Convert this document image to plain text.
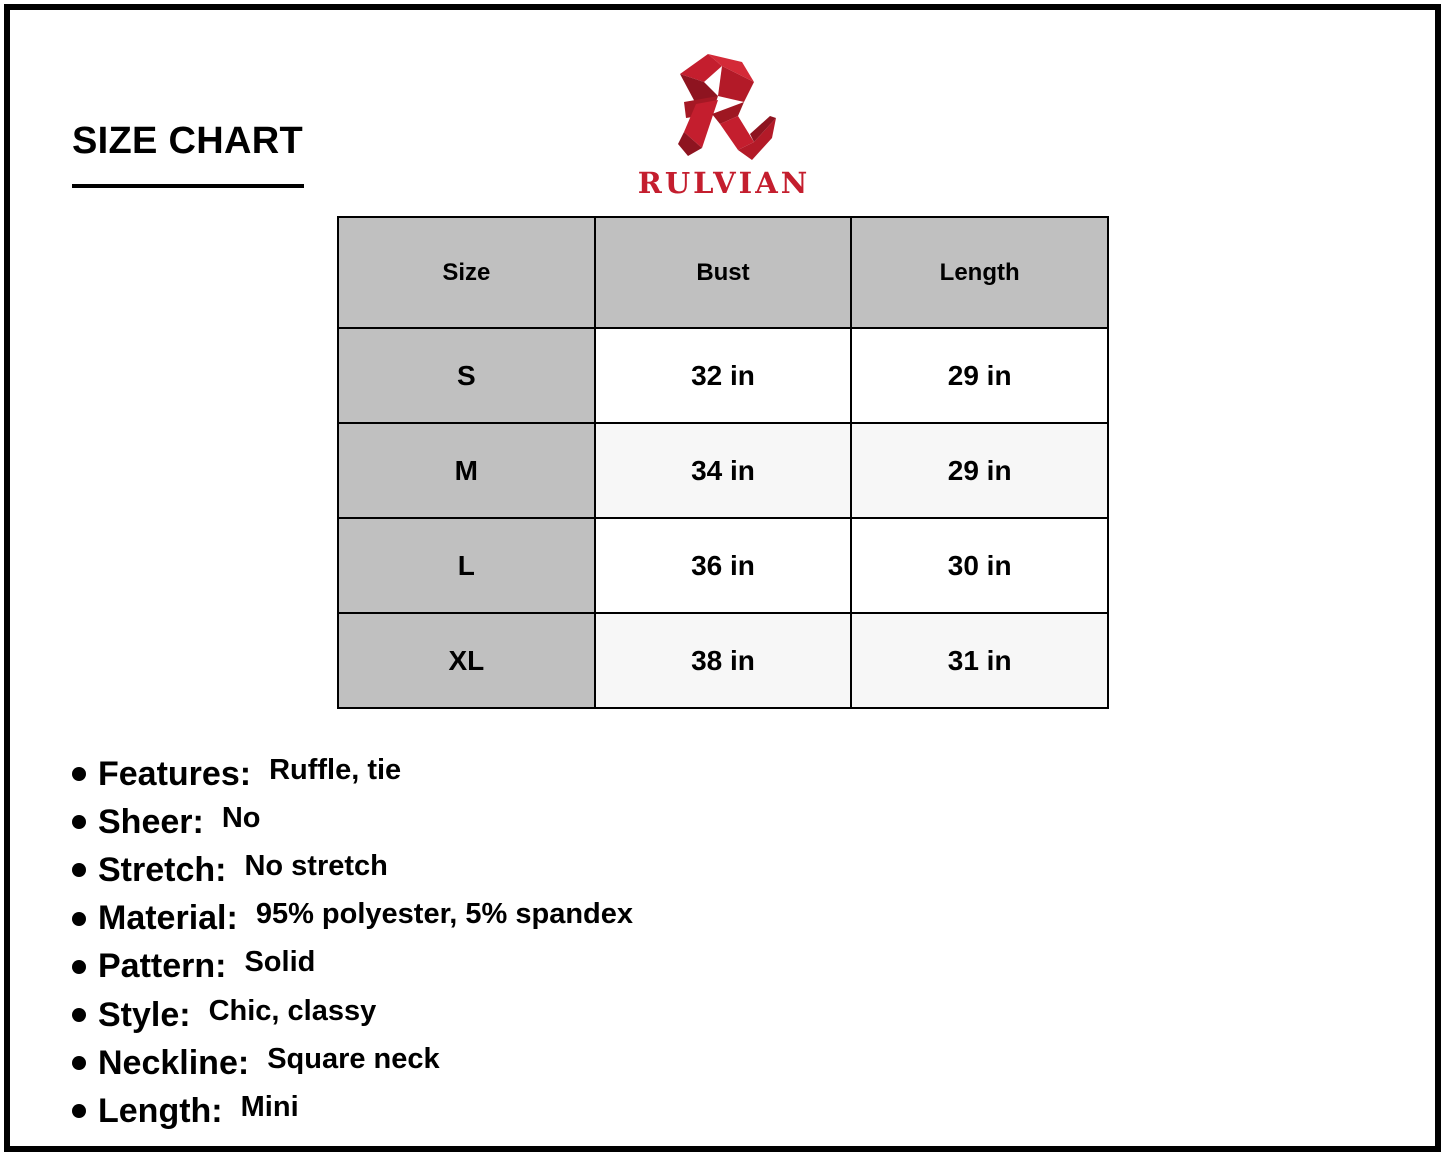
SIZE CHART
RULVIAN
Size	Bust	Length
S	32 in	29 in
M	34 in	29 in
L	36 in	30 in
XL	38 in	31 in
Features: Ruffle, tie
Sheer: No
Stretch: No stretch
Material: 95% polyester, 5% spandex
Pattern: Solid
Style: Chic, classy
Neckline: Square neck
Length: Mini
